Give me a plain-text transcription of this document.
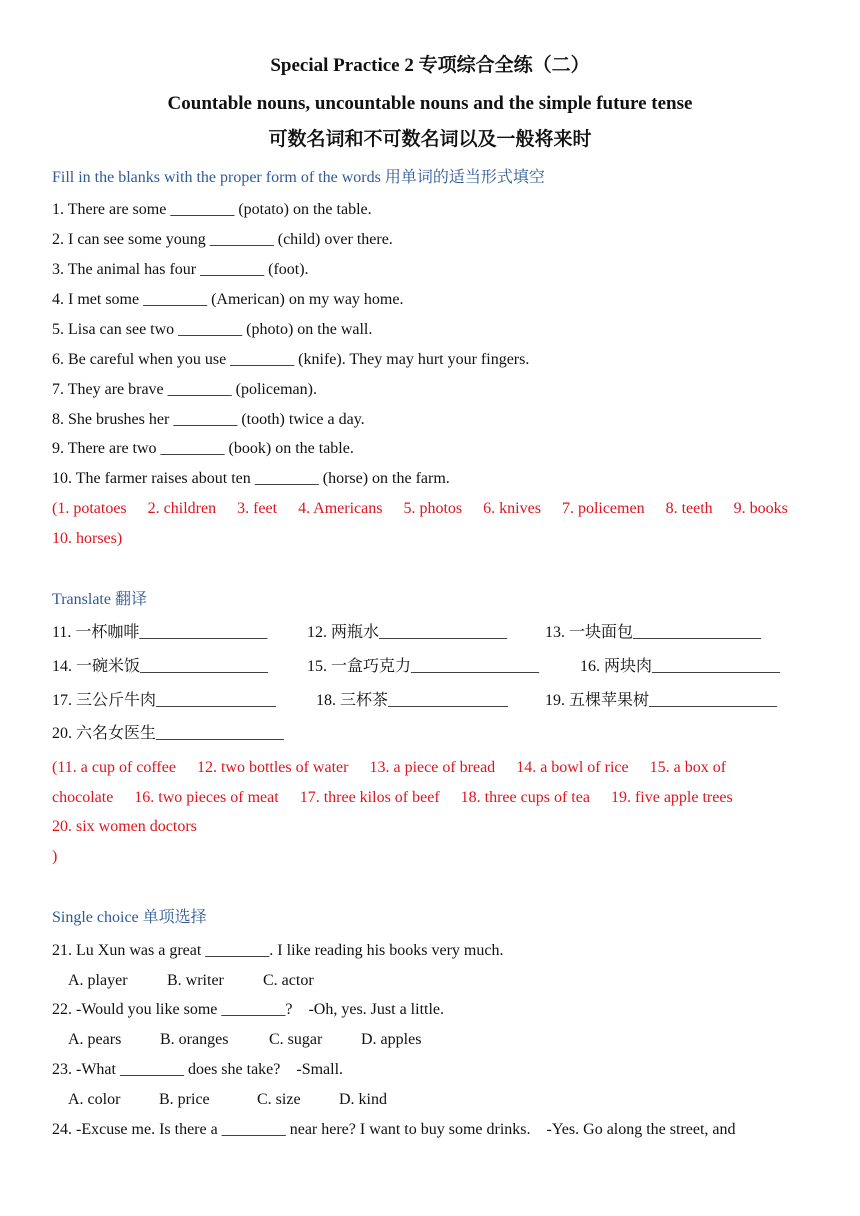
Special Practice 2 专项综合全练（二）
Countable nouns, uncountable nouns and the simple future tense
可数名词和不可数名词以及一般将来时
Fill in the blanks with the proper form of the words 用单词的适当形式填空
1. There are some ________ (potato) on the table.
2. I can see some young ________ (child) over there.
3. The animal has four ________ (foot).
4. I met some ________ (American) on my way home.
5. Lisa can see two ________ (photo) on the wall.
6. Be careful when you use ________ (knife). They may hurt your fingers.
7. They are brave ________ (policeman).
8. She brushes her ________ (tooth) twice a day.
9. There are two ________ (book) on the table.
10. The farmer raises about ten ________ (horse) on the farm.
(1. potatoes 2. children 3. feet 4. Americans 5. photos 6. knives 7. policemen 8. teeth 9. books
10. horses)
Translate 翻译
11. 一杯咖啡________________ 12. 两瓶水________________ 13. 一块面包________________
14. 一碗米饭________________ 15. 一盒巧克力________________	16. 两块肉________________
17. 三公斤牛肉_______________ 18. 三杯茶_______________ 19. 五棵苹果树________________
20. 六名女医生________________
(11. a cup of coffee 12. two bottles of water 13. a piece of bread 14. a bowl of rice 15. a box of
chocolate 16. two pieces of meat 17. three kilos of beef 18. three cups of tea 19. five apple trees
20. six women doctors
)
Single choice 单项选择
21. Lu Xun was a great ________. I like reading his books very much.
A. player B. writer C. actor
22. -Would you like some ________?　-Oh, yes. Just a little.
A. pears B. oranges	C. sugar D. apples
23. -What ________ does she take?　-Small.
A. color B. price	C. size D. kind
24. -Excuse me. Is there a ________ near here? I want to buy some drinks.　-Yes. Go along the street, and
